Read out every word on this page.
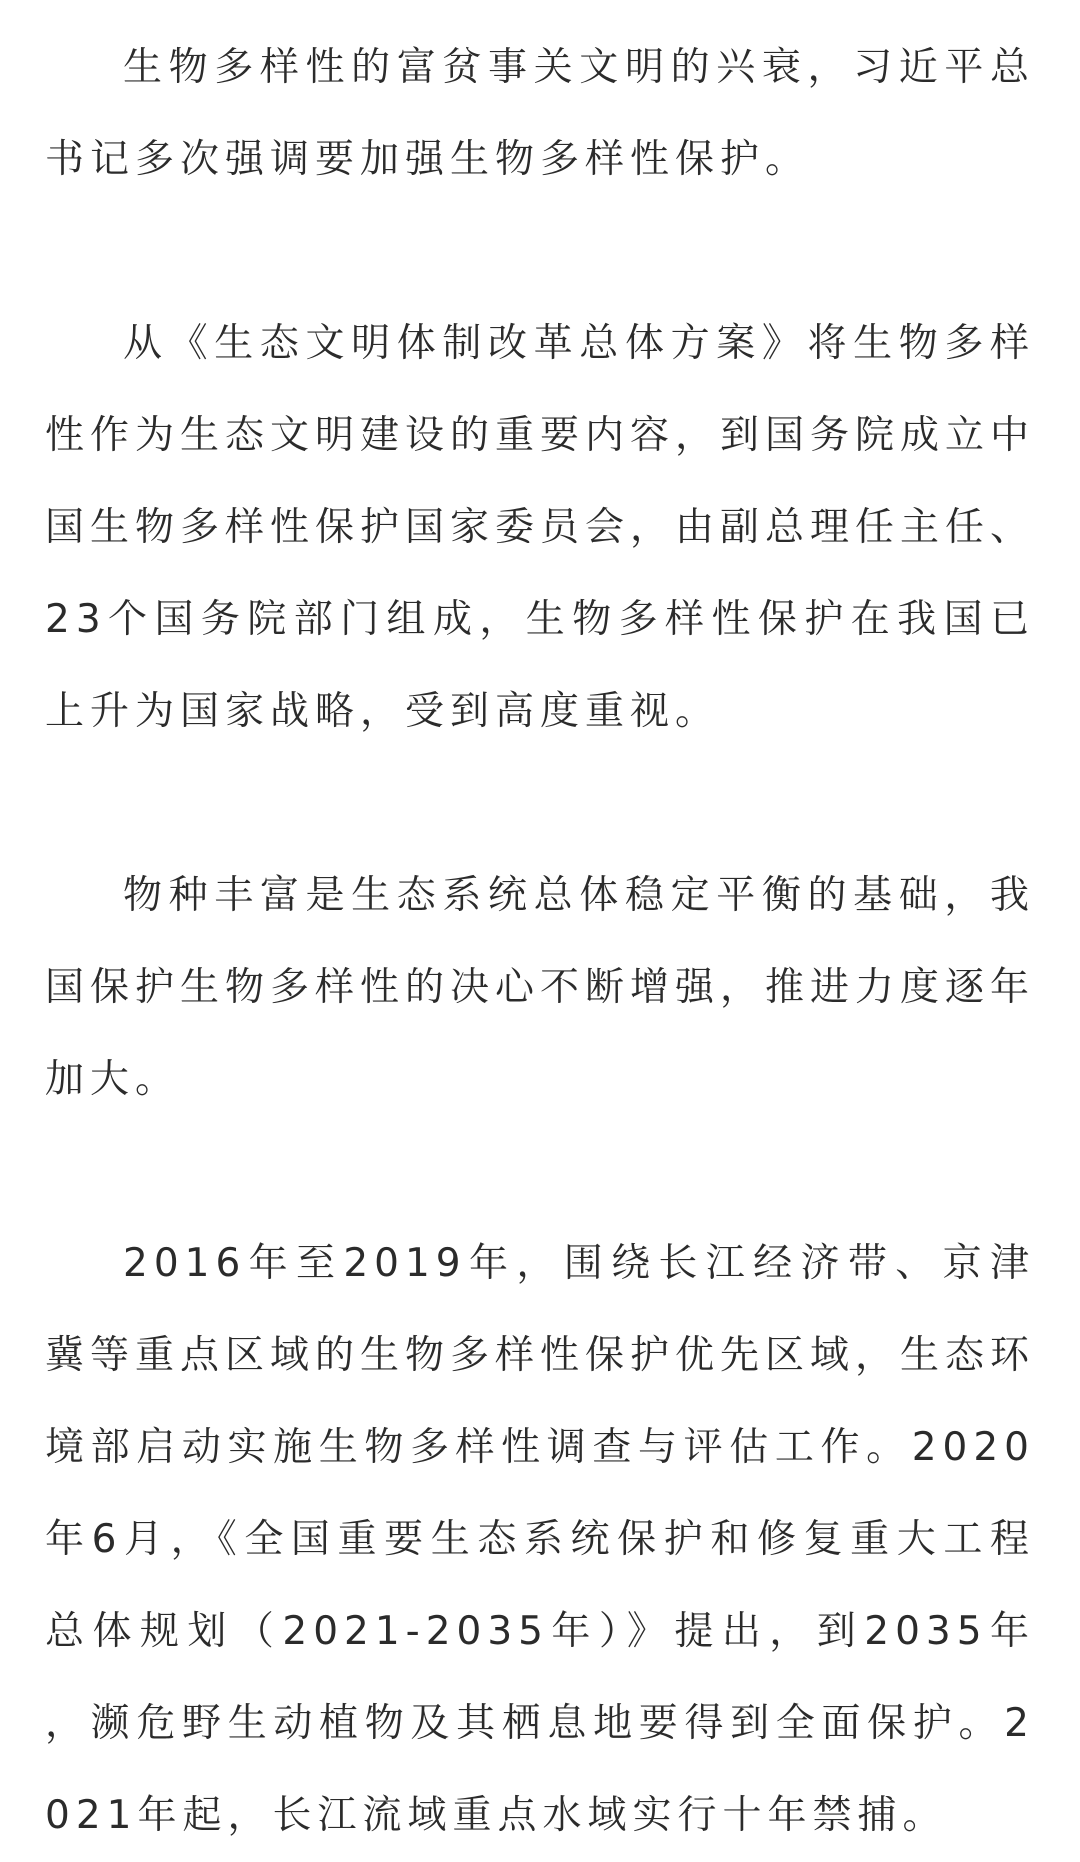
生物多样性的富贫事关文明的兴衰，习近平总书记多次强调要加强生物多样性保护。

从《生态文明体制改革总体方案》将生物多样性作为生态文明建设的重要内容，到国务院成立中国生物多样性保护国家委员会，由副总理任主任、23个国务院部门组成，生物多样性保护在我国已上升为国家战略，受到高度重视。

物种丰富是生态系统总体稳定平衡的基础，我国保护生物多样性的决心不断增强，推进力度逐年加大。

2016年至2019年，围绕长江经济带、京津冀等重点区域的生物多样性保护优先区域，生态环境部启动实施生物多样性调查与评估工作。2020年6月，《全国重要生态系统保护和修复重大工程总体规划（2021-2035年）》提出，到2035年，濒危野生动植物及其栖息地要得到全面保护。2021年起，长江流域重点水域实行十年禁捕。
